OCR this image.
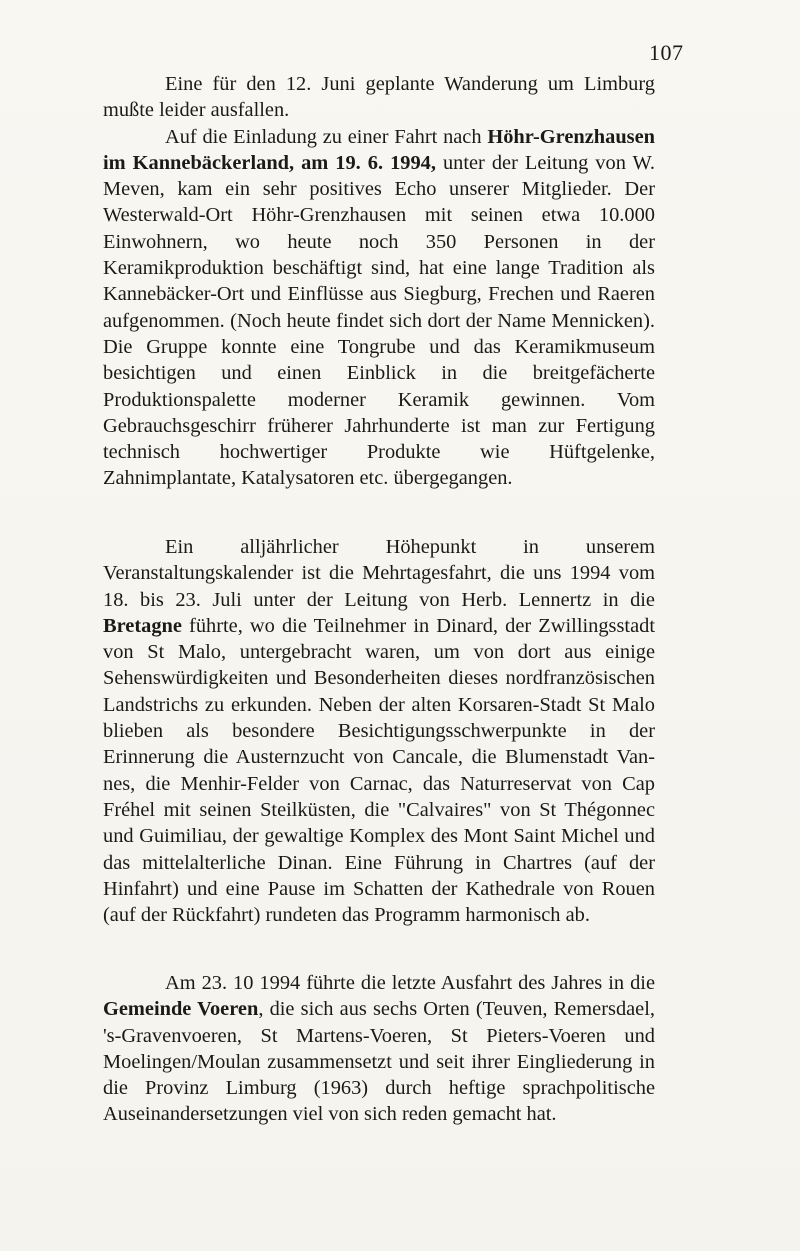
107

Eine für den 12. Juni geplante Wanderung um Limburg mußte leider ausfallen.

Auf die Einladung zu einer Fahrt nach Höhr-Grenzhausen im Kannebäckerland, am 19. 6. 1994, unter der Leitung von W. Meven, kam ein sehr positives Echo unserer Mitglieder. Der Westerwald-Ort Höhr-Grenzhausen mit seinen etwa 10.000 Einwohnern, wo heute noch 350 Personen in der Keramikproduktion beschäftigt sind, hat eine lange Tradition als Kannebäcker-Ort und Einflüsse aus Siegburg, Frechen und Raeren aufgenommen. (Noch heute findet sich dort der Name Mennicken). Die Gruppe konnte eine Tongrube und das Keramikmuseum besichtigen und einen Einblick in die breitgefächerte Produktionspalette moderner Keramik gewinnen. Vom Gebrauchsgeschirr früherer Jahrhunderte ist man zur Fertigung technisch hochwertiger Produkte wie Hüftgelenke, Zahnimplantate, Katalysatoren etc. übergegangen.

Ein alljährlicher Höhepunkt in unserem Veranstaltungskalender ist die Mehrtagesfahrt, die uns 1994 vom 18. bis 23. Juli unter der Leitung von Herb. Lennertz in die Bretagne führte, wo die Teilnehmer in Dinard, der Zwillingsstadt von St Malo, untergebracht waren, um von dort aus einige Sehenswürdigkeiten und Besonderheiten dieses nordfranzösischen Landstrichs zu erkunden. Neben der alten Korsaren-Stadt St Malo blieben als besondere Besichtigungsschwerpunkte in der Erinnerung die Austernzucht von Cancale, die Blumenstadt Vannes, die Menhir-Felder von Carnac, das Naturreservat von Cap Fréhel mit seinen Steilküsten, die "Calvaires" von St Thégonnec und Guimiliau, der gewaltige Komplex des Mont Saint Michel und das mittelalterliche Dinan. Eine Führung in Chartres (auf der Hinfahrt) und eine Pause im Schatten der Kathedrale von Rouen (auf der Rückfahrt) rundeten das Programm harmonisch ab.

Am 23. 10 1994 führte die letzte Ausfahrt des Jahres in die Gemeinde Voeren, die sich aus sechs Orten (Teuven, Remersdael, 's-Gravenvoeren, St Martens-Voeren, St Pieters-Voeren und Moelingen/Moulan zusammensetzt und seit ihrer Eingliederung in die Provinz Limburg (1963) durch heftige sprachpolitische Auseinandersetzungen viel von sich reden gemacht hat.
